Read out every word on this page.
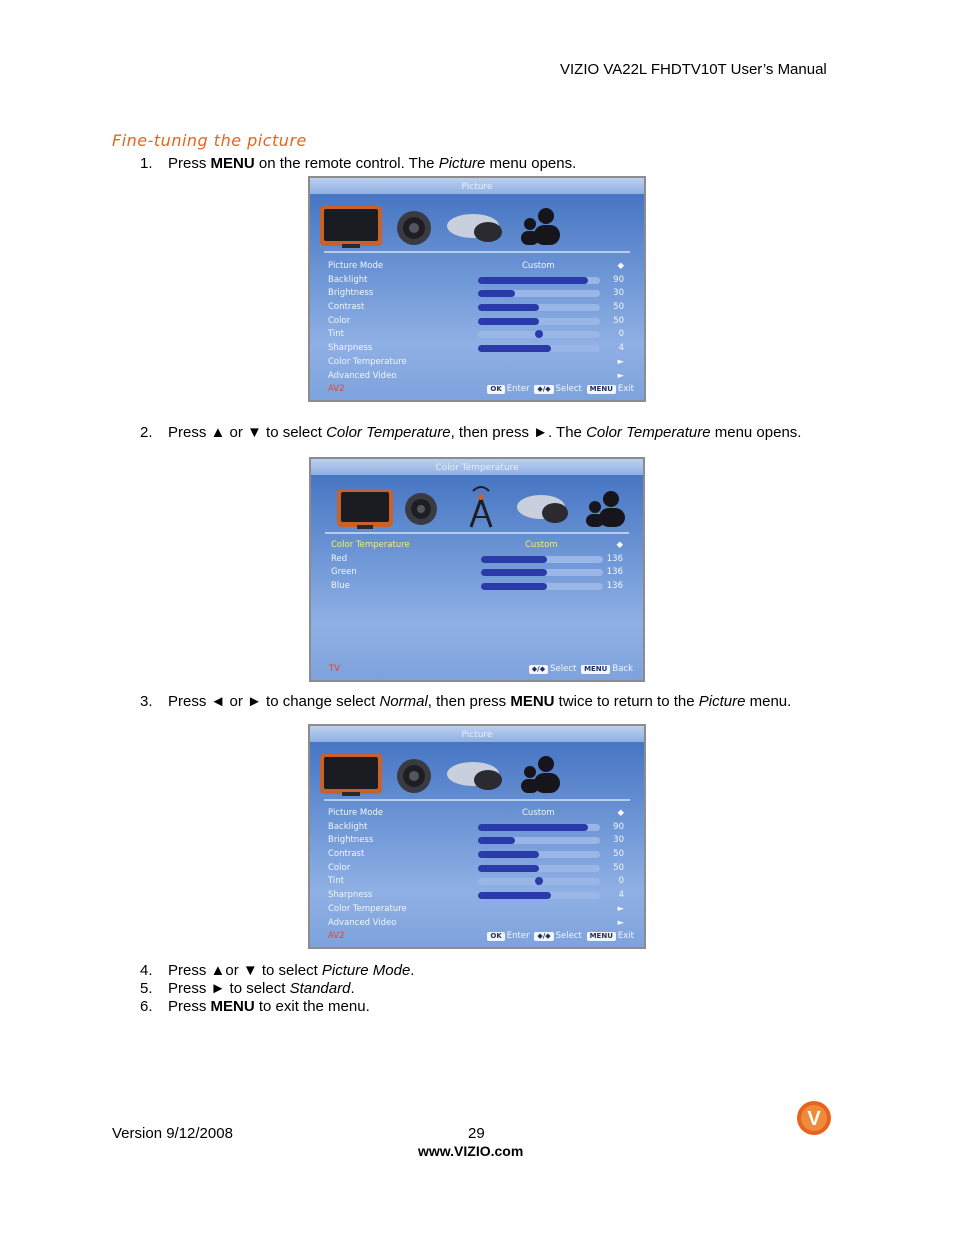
VIZIO VA22L FHDTV10T User’s Manual
Fine-tuning the picture
1. Press MENU on the remote control. The Picture menu opens.
Picture
Picture Mode	Custom	◆
Backlight	90
Brightness	30
Contrast	50
Color	50
Tint	0
Sharpness	4
Color Temperature	►
Advanced Video	►
AV2	OK Enter ◆/◆ Select MENU Exit
2. Press ▲ or ▼ to select Color Temperature, then press ►. The Color Temperature menu opens.
Color Temperature
Color Temperature	Custom	◆
Red	136
Green	136
Blue	136
TV	◆/◆ Select MENU Back
3. Press ◄ or ► to change select Normal, then press MENU twice to return to the Picture menu.
Picture
Picture Mode	Custom	◆
Backlight	90
Brightness	30
Contrast	50
Color	50
Tint	0
Sharpness	4
Color Temperature	►
Advanced Video	►
AV2	OK Enter ◆/◆ Select MENU Exit
4. Press ▲or ▼ to select Picture Mode.
5. Press ► to select Standard.
6. Press MENU to exit the menu.
Version 9/12/2008	29
www.VIZIO.com
V
